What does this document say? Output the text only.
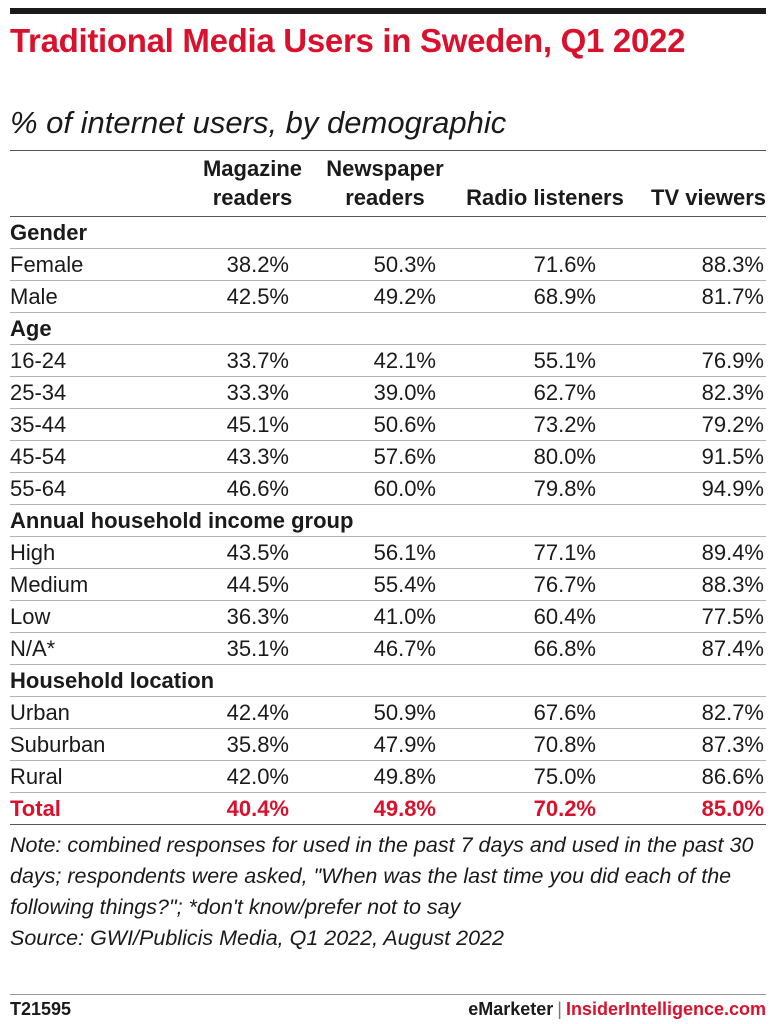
Traditional Media Users in Sweden, Q1 2022
% of internet users, by demographic
	Magazine readers	Newspaper readers	Radio listeners	TV viewers
Gender				
Female	38.2%	50.3%	71.6%	88.3%
Male	42.5%	49.2%	68.9%	81.7%
Age				
16-24	33.7%	42.1%	55.1%	76.9%
25-34	33.3%	39.0%	62.7%	82.3%
35-44	45.1%	50.6%	73.2%	79.2%
45-54	43.3%	57.6%	80.0%	91.5%
55-64	46.6%	60.0%	79.8%	94.9%
Annual household income group				
High	43.5%	56.1%	77.1%	89.4%
Medium	44.5%	55.4%	76.7%	88.3%
Low	36.3%	41.0%	60.4%	77.5%
N/A*	35.1%	46.7%	66.8%	87.4%
Household location				
Urban	42.4%	50.9%	67.6%	82.7%
Suburban	35.8%	47.9%	70.8%	87.3%
Rural	42.0%	49.8%	75.0%	86.6%
Total	40.4%	49.8%	70.2%	85.0%
Note: combined responses for used in the past 7 days and used in the past 30 days; respondents were asked, "When was the last time you did each of the following things?"; *don't know/prefer not to say
Source: GWI/Publicis Media, Q1 2022, August 2022
T21595	eMarketer | InsiderIntelligence.com
